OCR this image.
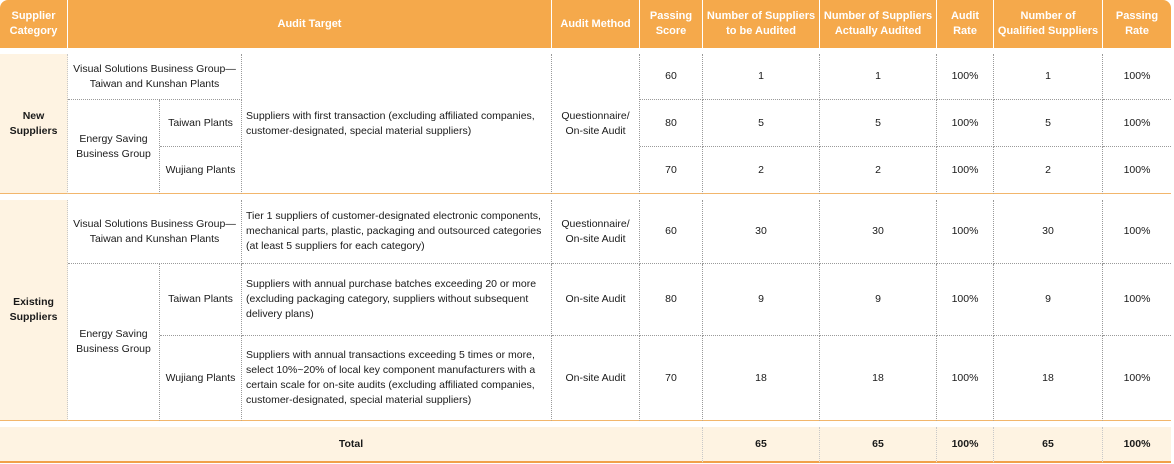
Supplier Category	Audit Target			Audit Method	Passing Score	Number of Suppliers to be Audited	Number of Suppliers Actually Audited	Audit Rate	Number of Qualified Suppliers	Passing Rate

New Suppliers	Visual Solutions Business Group— Taiwan and Kunshan Plants		Suppliers with first transaction (excluding affiliated companies, customer-designated, special material suppliers)	Questionnaire/ On-site Audit	60	1	1	100%	1	100%
	Energy Saving Business Group	Taiwan Plants			80	5	5	100%	5	100%
		Wujiang Plants			70	2	2	100%	2	100%

Existing Suppliers	Visual Solutions Business Group— Taiwan and Kunshan Plants		Tier 1 suppliers of customer-designated electronic components, mechanical parts, plastic, packaging and outsourced categories (at least 5 suppliers for each category)	Questionnaire/ On-site Audit	60	30	30	100%	30	100%
	Energy Saving Business Group	Taiwan Plants	Suppliers with annual purchase batches exceeding 20 or more (excluding packaging category, suppliers without subsequent delivery plans)	On-site Audit	80	9	9	100%	9	100%
		Wujiang Plants	Suppliers with annual transactions exceeding 5 times or more, select 10%~20% of local key component manufacturers with a certain scale for on-site audits (excluding affiliated companies, customer-designated, special material suppliers)	On-site Audit	70	18	18	100%	18	100%

Total						65	65	100%	65	100%
